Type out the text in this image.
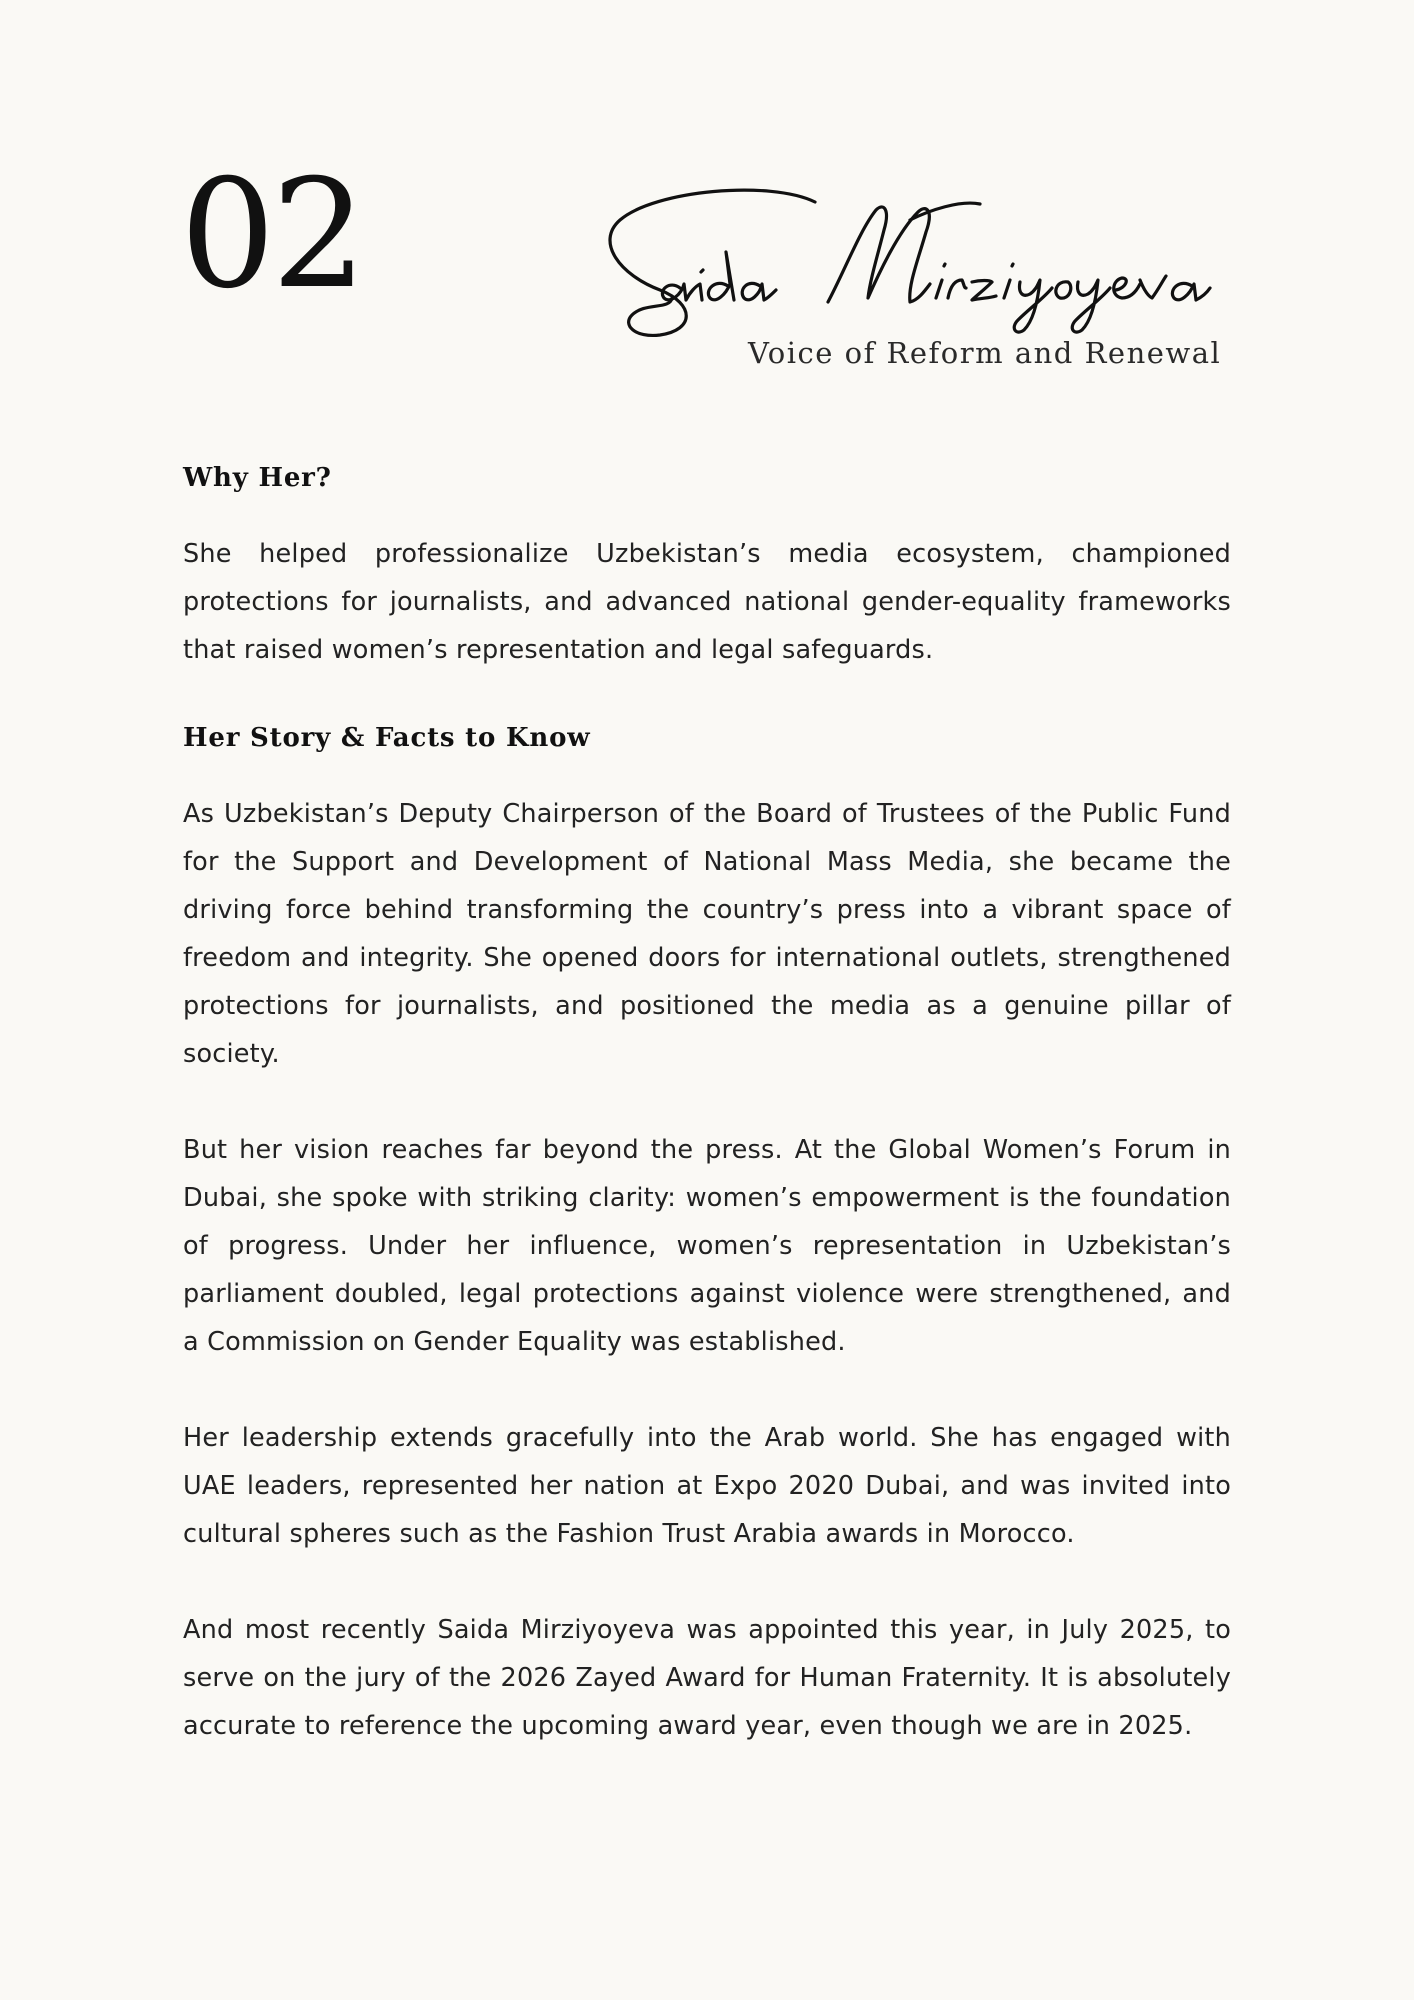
02

Voice of Reform and Renewal

Why Her?

She helped professionalize Uzbekistan’s media ecosystem, championed protections for journalists, and advanced national gender-equality frameworks that raised women’s representation and legal safeguards.

Her Story & Facts to Know

As Uzbekistan’s Deputy Chairperson of the Board of Trustees of the Public Fund for the Support and Development of National Mass Media, she became the driving force behind transforming the country’s press into a vibrant space of freedom and integrity. She opened doors for international outlets, strengthened protections for journalists, and positioned the media as a genuine pillar of society.

But her vision reaches far beyond the press. At the Global Women’s Forum in Dubai, she spoke with striking clarity: women’s empowerment is the foundation of progress. Under her influence, women’s representation in Uzbekistan’s parliament doubled, legal protections against violence were strengthened, and a Commission on Gender Equality was established.

Her leadership extends gracefully into the Arab world. She has engaged with UAE leaders, represented her nation at Expo 2020 Dubai, and was invited into cultural spheres such as the Fashion Trust Arabia awards in Morocco.

And most recently Saida Mirziyoyeva was appointed this year, in July 2025, to serve on the jury of the 2026 Zayed Award for Human Fraternity. It is absolutely accurate to reference the upcoming award year, even though we are in 2025.
